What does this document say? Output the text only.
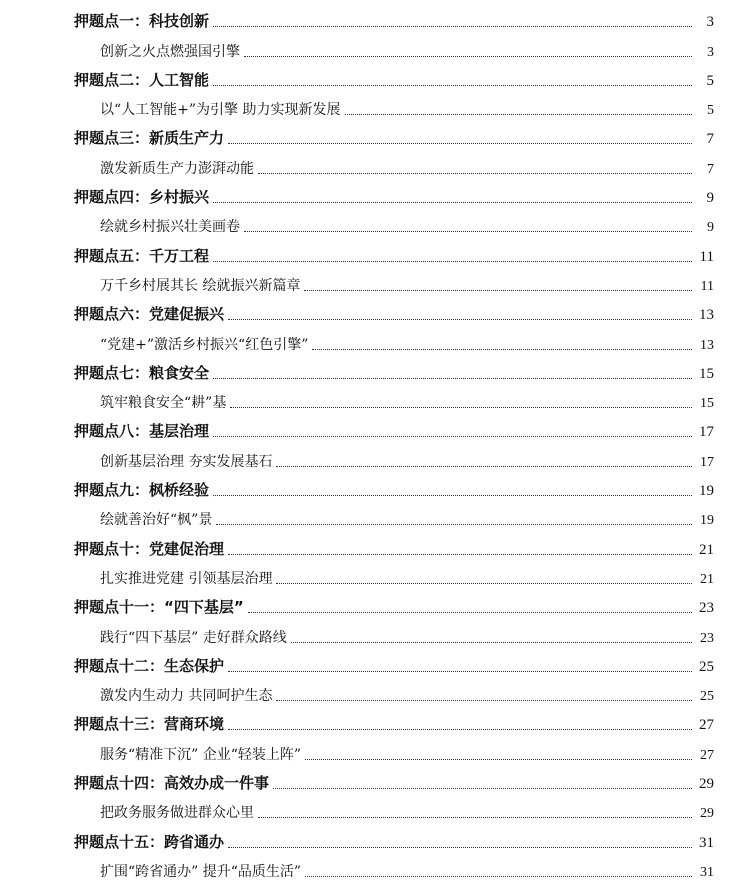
押题点一：科技创新	3
创新之火点燃强国引擎	3
押题点二：人工智能	5
以“人工智能+”为引擎 助力实现新发展	5
押题点三：新质生产力	7
激发新质生产力澎湃动能	7
押题点四：乡村振兴	9
绘就乡村振兴壮美画卷	9
押题点五：千万工程	11
万千乡村展其长 绘就振兴新篇章	11
押题点六：党建促振兴	13
“党建+”激活乡村振兴“红色引擎”	13
押题点七：粮食安全	15
筑牢粮食安全“耕”基	15
押题点八：基层治理	17
创新基层治理 夯实发展基石	17
押题点九：枫桥经验	19
绘就善治好“枫”景	19
押题点十：党建促治理	21
扎实推进党建 引领基层治理	21
押题点十一：“四下基层”	23
践行“四下基层” 走好群众路线	23
押题点十二：生态保护	25
激发内生动力 共同呵护生态	25
押题点十三：营商环境	27
服务“精准下沉” 企业“轻装上阵”	27
押题点十四：高效办成一件事	29
把政务服务做进群众心里	29
押题点十五：跨省通办	31
扩围“跨省通办” 提升“品质生活”	31
